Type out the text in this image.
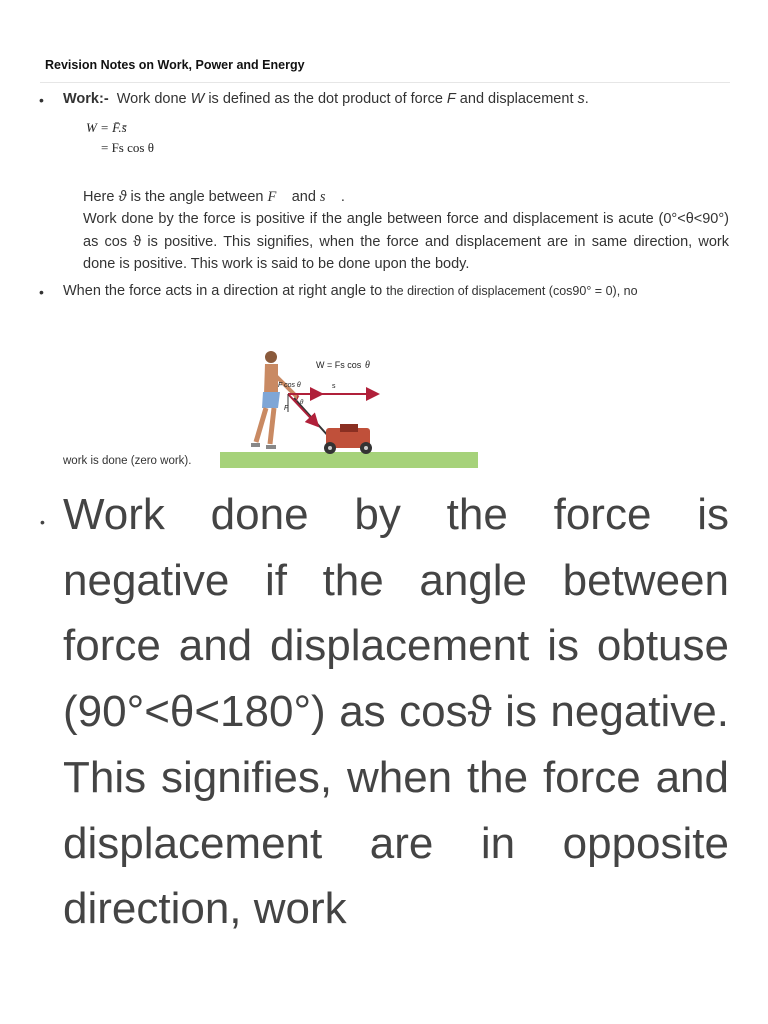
Revision Notes on Work, Power and Energy
• Work:- Work done W is defined as the dot product of force F and displacement s.
W = F̄.s̄
= Fs cos θ
Here ϑ is the angle between F⃗ and s⃗ .
Work done by the force is positive if the angle between force and displacement is acute (0°<θ<90°) as cos ϑ is positive. This signifies, when the force and displacement are in same direction, work done is positive. This work is said to be done upon the body.
• When the force acts in a direction at right angle to the direction of displacement (cos90° = 0), no
W = Fs cos θ
F cos θ	s
F
θ
work is done (zero work).
• Work done by the force is negative if the angle between force and displacement is obtuse (90°<θ<180°) as cosϑ is negative. This signifies, when the force and displacement are in opposite direction, work
